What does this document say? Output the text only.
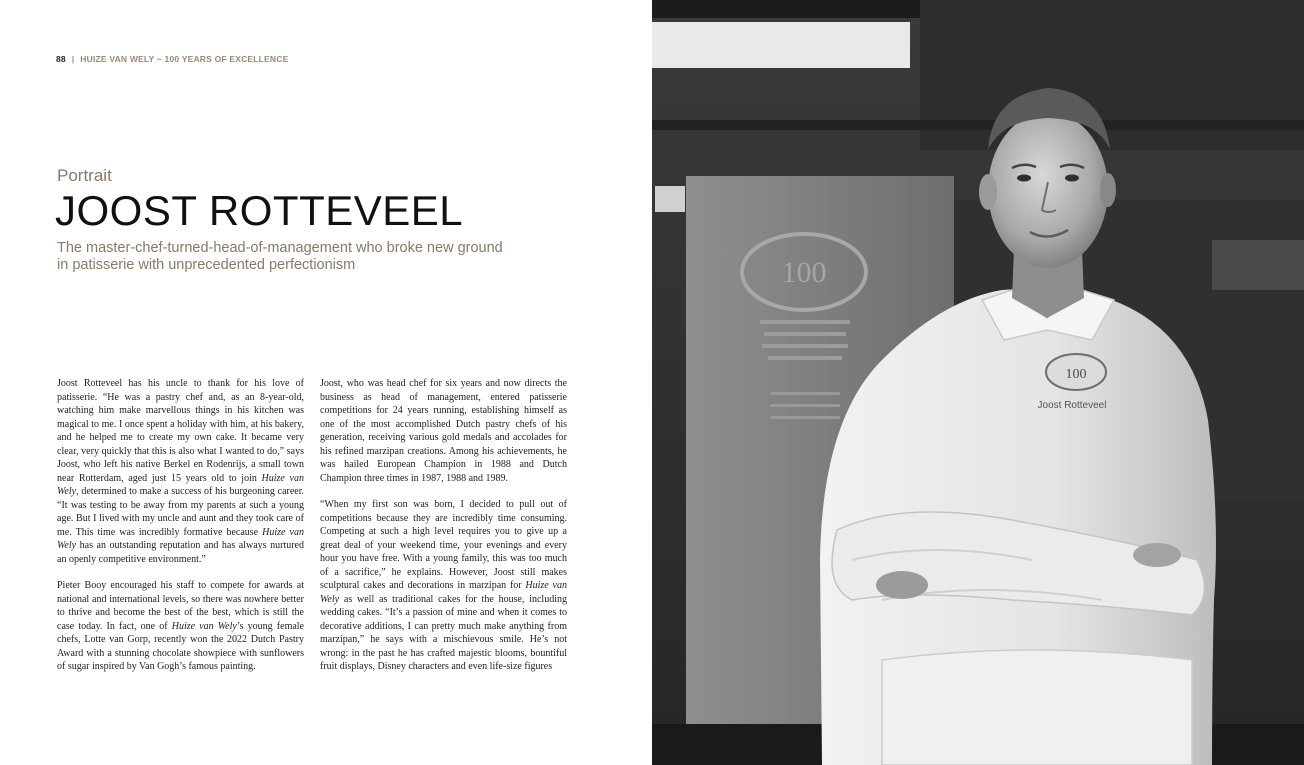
88 | HUIZE VAN WELY ~ 100 YEARS OF EXCELLENCE
Portrait
JOOST ROTTEVEEL
The master-chef-turned-head-of-management who broke new ground
in patisserie with unprecedented perfectionism

Joost Rotteveel has his uncle to thank for his love of patisserie. “He was a pastry chef and, as an 8-year-old, watching him make marvellous things in his kitchen was magical to me. I once spent a holiday with him, at his bakery, and he helped me to create my own cake. It became very clear, very quickly that this is also what I wanted to do,” says Joost, who left his native Berkel en Rodenrijs, a small town near Rotterdam, aged just 15 years old to join Huize van Wely, determined to make a success of his burgeoning career. “It was testing to be away from my parents at such a young age. But I lived with my uncle and aunt and they took care of me. This time was incredibly formative because Huize van Wely has an outstanding reputation and has always nurtured an openly competitive environment.”

Pieter Booy encouraged his staff to compete for awards at national and international levels, so there was nowhere better to thrive and become the best of the best, which is still the case today. In fact, one of Huize van Wely’s young female chefs, Lotte van Gorp, recently won the 2022 Dutch Pastry Award with a stunning chocolate showpiece with sunflowers of sugar inspired by Van Gogh’s famous painting.

Joost, who was head chef for six years and now directs the business as head of management, entered patisserie competitions for 24 years running, establishing himself as one of the most accomplished Dutch pastry chefs of his generation, receiving various gold medals and accolades for his refined marzipan creations. Among his achievements, he was hailed European Champion in 1988 and Dutch Champion three times in 1987, 1988 and 1989.

“When my first son was born, I decided to pull out of competitions because they are incredibly time consuming. Competing at such a high level requires you to give up a great deal of your weekend time, your evenings and every hour you have free. With a young family, this was too much of a sacrifice,” he explains. However, Joost still makes sculptural cakes and decorations in marzipan for Huize van Wely as well as traditional cakes for the house, including wedding cakes. “It’s a passion of mine and when it comes to decorative additions, I can pretty much make anything from marzipan,” he says with a mischievous smile. He’s not wrong: in the past he has crafted majestic blooms, bountiful fruit displays, Disney characters and even life-size figures

100
100
Joost Rotteveel
